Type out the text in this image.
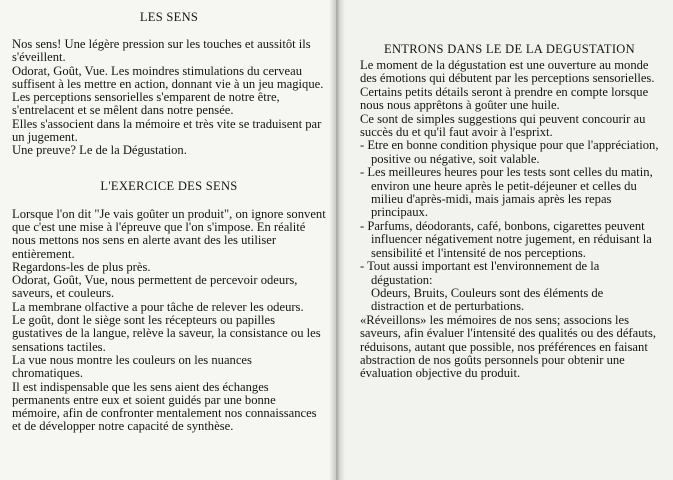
LES SENS

Nos sens! Une légère pression sur les touches et aussitôt ils s'éveillent.

Odorat, Goût, Vue. Les moindres stimulations du cerveau suffisent à les mettre en action, donnant vie à un jeu magique.

Les perceptions sensorielles s'emparent de notre être, s'entrelacent et se mêlent dans notre pensée.

Elles s'associent dans la mémoire et très vite se traduisent par un jugement.

Une preuve? Le de la Dégustation.

L'EXERCICE DES SENS

Lorsque l'on dit "Je vais goûter un produit", on ignore sonvent que c'est une mise à l'épreuve que l'on s'impose. En réalité nous mettons nos sens en alerte avant des les utiliser entièrement.

Regardons-les de plus près.

Odorat, Goût, Vue, nous permettent de percevoir odeurs, saveurs, et couleurs.

La membrane olfactive a pour tâche de relever les odeurs.

Le goût, dont le siège sont les récepteurs ou papilles gustatives de la langue, relève la saveur, la consistance ou les sensations tactiles.

La vue nous montre les couleurs on les nuances chromatiques.

Il est indispensable que les sens aient des échanges permanents entre eux et soient guidés par une bonne mémoire, afin de confronter mentalement nos connaissances et de développer notre capacité de synthèse.

ENTRONS DANS LE DE LA DEGUSTATION

Le moment de la dégustation est une ouverture au monde des émotions qui débutent par les perceptions sensorielles.

Certains petits détails seront à prendre en compte lorsque nous nous apprêtons à goûter une huile.

Ce sont de simples suggestions qui peuvent concourir au succès du et qu'il faut avoir à l'esprixt.

- Etre en bonne condition physique pour que l'appréciation, positive ou négative, soit valable.

- Les meilleures heures pour les tests sont celles du matin, environ une heure après le petit-déjeuner et celles du milieu d'après-midi, mais jamais après les repas principaux.

- Parfums, déodorants, café, bonbons, cigarettes peuvent influencer négativement notre jugement, en réduisant la sensibilité et l'intensité de nos perceptions.

- Tout aussi important est l'environnement de la dégustation:

Odeurs, Bruits, Couleurs sont des éléments de distraction et de perturbations.

«Réveillons» les mémoires de nos sens; associons les saveurs, afin évaluer l'intensité des qualités ou des défauts, réduisons, autant que possible, nos préférences en faisant abstraction de nos goûts personnels pour obtenir une évaluation objective du produit.
